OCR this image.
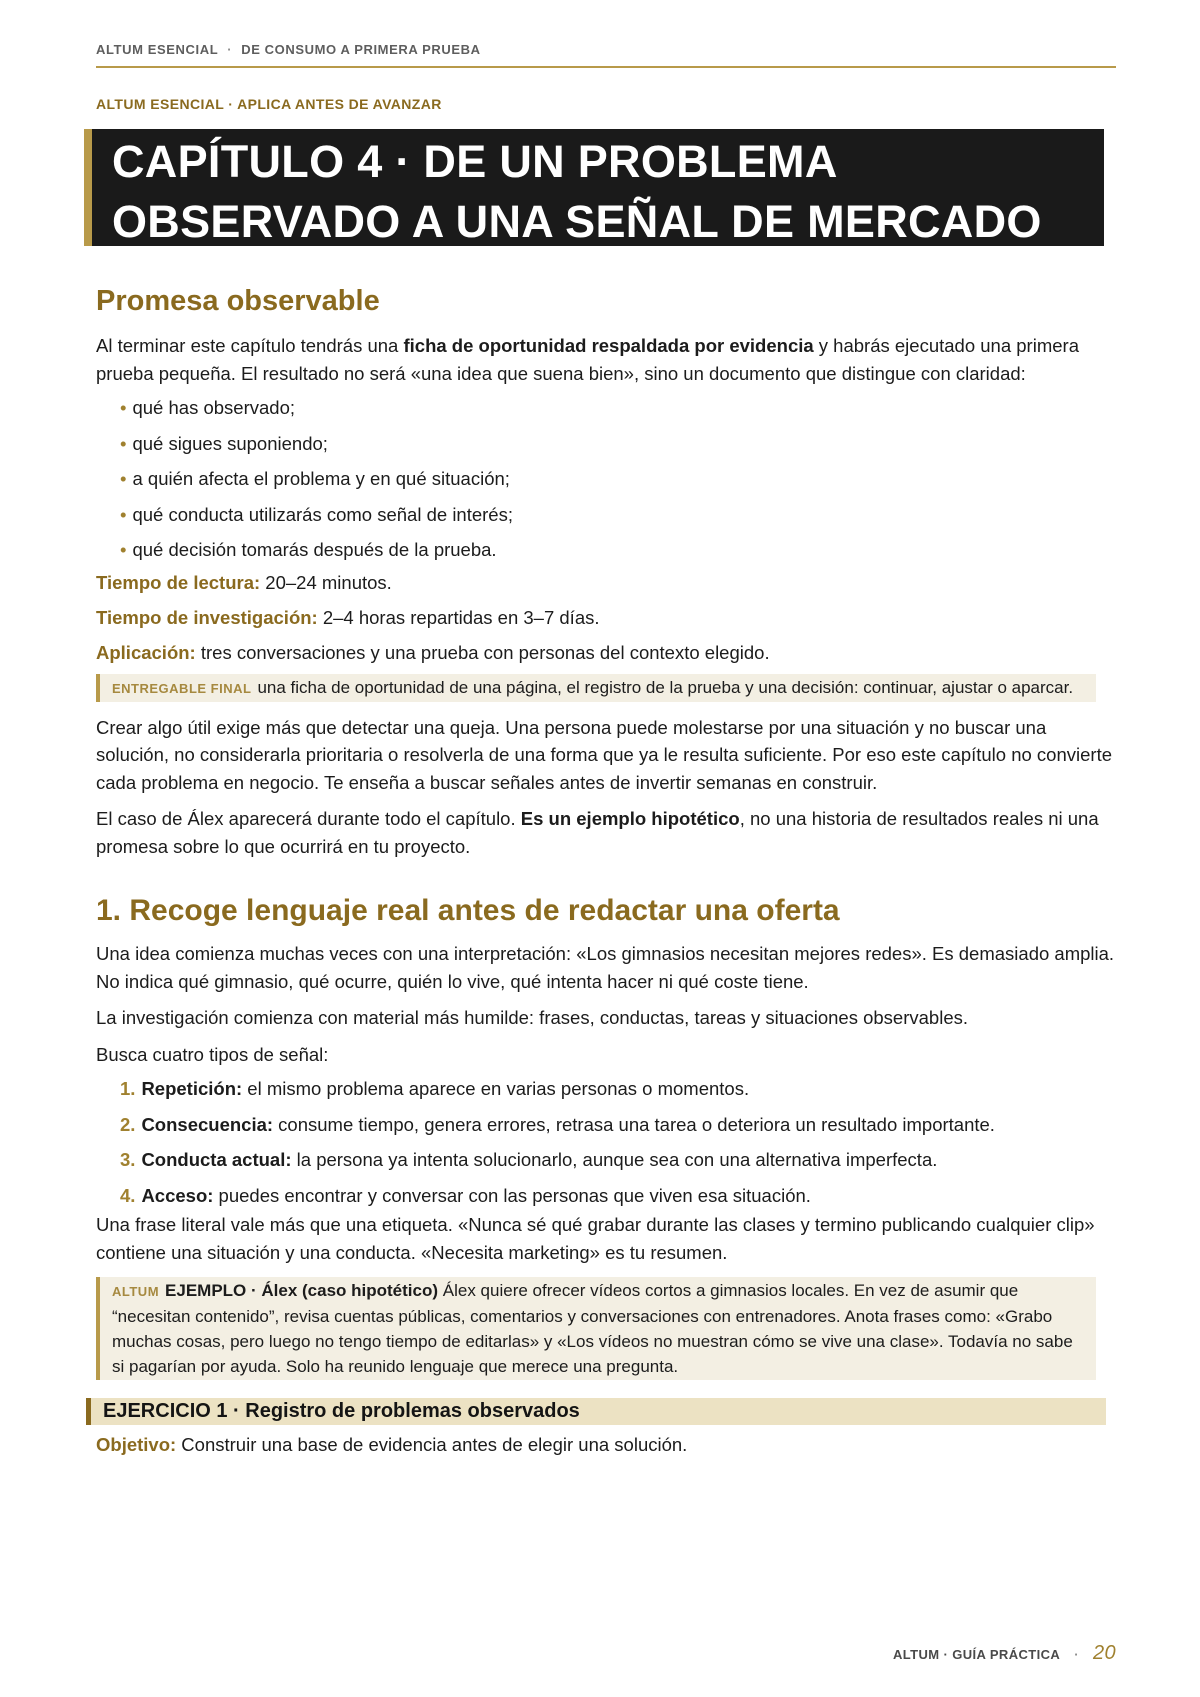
ALTUM ESENCIAL · DE CONSUMO A PRIMERA PRUEBA
ALTUM ESENCIAL · APLICA ANTES DE AVANZAR
CAPÍTULO 4 · DE UN PROBLEMA
OBSERVADO A UNA SEÑAL DE MERCADO
Promesa observable

Al terminar este capítulo tendrás una ficha de oportunidad respaldada por evidencia y habrás ejecutado una primera prueba pequeña. El resultado no será «una idea que suena bien», sino un documento que distingue con claridad:

• qué has observado;
• qué sigues suponiendo;
• a quién afecta el problema y en qué situación;
• qué conducta utilizarás como señal de interés;
• qué decisión tomarás después de la prueba.

Tiempo de lectura: 20–24 minutos.

Tiempo de investigación: 2–4 horas repartidas en 3–7 días.

Aplicación: tres conversaciones y una prueba con personas del contexto elegido.

ENTREGABLE FINAL una ficha de oportunidad de una página, el registro de la prueba y una decisión: continuar, ajustar o aparcar.

Crear algo útil exige más que detectar una queja. Una persona puede molestarse por una situación y no buscar una solución, no considerarla prioritaria o resolverla de una forma que ya le resulta suficiente. Por eso este capítulo no convierte cada problema en negocio. Te enseña a buscar señales antes de invertir semanas en construir.

El caso de Álex aparecerá durante todo el capítulo. Es un ejemplo hipotético, no una historia de resultados reales ni una promesa sobre lo que ocurrirá en tu proyecto.

1. Recoge lenguaje real antes de redactar una oferta

Una idea comienza muchas veces con una interpretación: «Los gimnasios necesitan mejores redes». Es demasiado amplia. No indica qué gimnasio, qué ocurre, quién lo vive, qué intenta hacer ni qué coste tiene.

La investigación comienza con material más humilde: frases, conductas, tareas y situaciones observables.

Busca cuatro tipos de señal:

1. Repetición: el mismo problema aparece en varias personas o momentos.
2. Consecuencia: consume tiempo, genera errores, retrasa una tarea o deteriora un resultado importante.
3. Conducta actual: la persona ya intenta solucionarlo, aunque sea con una alternativa imperfecta.
4. Acceso: puedes encontrar y conversar con las personas que viven esa situación.

Una frase literal vale más que una etiqueta. «Nunca sé qué grabar durante las clases y termino publicando cualquier clip» contiene una situación y una conducta. «Necesita marketing» es tu resumen.

ALTUM EJEMPLO · Álex (caso hipotético) Álex quiere ofrecer vídeos cortos a gimnasios locales. En vez de asumir que “necesitan contenido”, revisa cuentas públicas, comentarios y conversaciones con entrenadores. Anota frases como: «Grabo muchas cosas, pero luego no tengo tiempo de editarlas» y «Los vídeos no muestran cómo se vive una clase». Todavía no sabe si pagarían por ayuda. Solo ha reunido lenguaje que merece una pregunta.
EJERCICIO 1 · Registro de problemas observados

Objetivo: Construir una base de evidencia antes de elegir una solución.

ALTUM · GUÍA PRÁCTICA · 20
